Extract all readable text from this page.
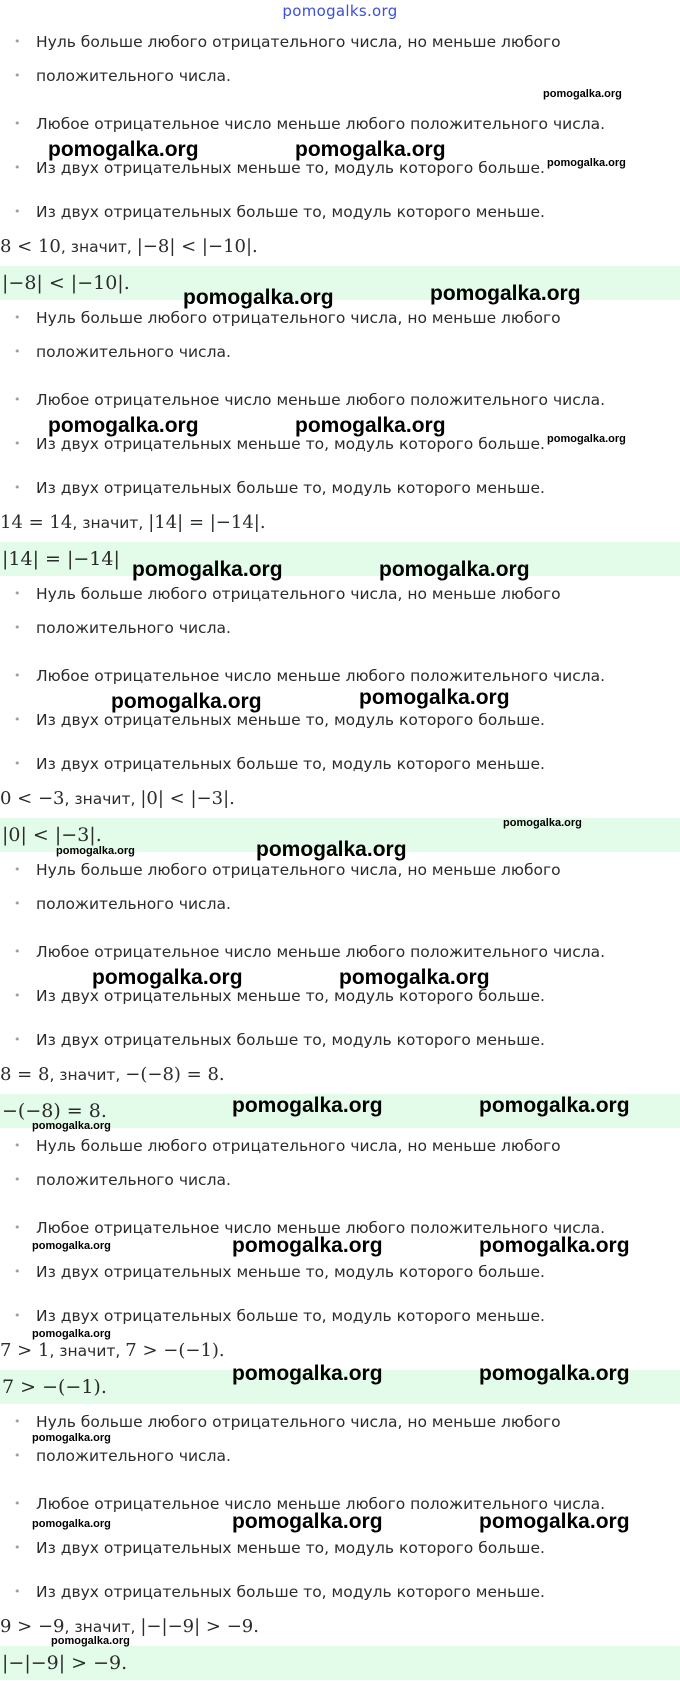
pomogalks.org
Нуль больше любого отрицательного числа, но меньше любого
положительного числа.
Любое отрицательное число меньше любого положительного числа.
Из двух отрицательных меньше то, модуль которого больше.
Из двух отрицательных больше то, модуль которого меньше.
8 < 10, значит, |−8| < |−10|.
|−8| < |−10|.
Нуль больше любого отрицательного числа, но меньше любого
положительного числа.
Любое отрицательное число меньше любого положительного числа.
Из двух отрицательных меньше то, модуль которого больше.
Из двух отрицательных больше то, модуль которого меньше.
14 = 14, значит, |14| = |−14|.
|14| = |−14|
Нуль больше любого отрицательного числа, но меньше любого
положительного числа.
Любое отрицательное число меньше любого положительного числа.
Из двух отрицательных меньше то, модуль которого больше.
Из двух отрицательных больше то, модуль которого меньше.
0 < −3, значит, |0| < |−3|.
|0| < |−3|.
Нуль больше любого отрицательного числа, но меньше любого
положительного числа.
Любое отрицательное число меньше любого положительного числа.
Из двух отрицательных меньше то, модуль которого больше.
Из двух отрицательных больше то, модуль которого меньше.
8 = 8, значит, −(−8) = 8.
−(−8) = 8.
Нуль больше любого отрицательного числа, но меньше любого
положительного числа.
Любое отрицательное число меньше любого положительного числа.
Из двух отрицательных меньше то, модуль которого больше.
Из двух отрицательных больше то, модуль которого меньше.
7 > 1, значит, 7 > −(−1).
7 > −(−1).
Нуль больше любого отрицательного числа, но меньше любого
положительного числа.
Любое отрицательное число меньше любого положительного числа.
Из двух отрицательных меньше то, модуль которого больше.
Из двух отрицательных больше то, модуль которого меньше.
9 > −9, значит, |−|−9| > −9.
|−|−9| > −9.
pomogalka.org
pomogalka.org	pomogalka.org
pomogalka.org
pomogalka.org	pomogalka.org
pomogalka.org	pomogalka.org
pomogalka.org
pomogalka.org	pomogalka.org
pomogalka.org	pomogalka.org
pomogalka.org
pomogalka.org	pomogalka.org
pomogalka.org	pomogalka.org
pomogalka.org	pomogalka.org
pomogalka.org
pomogalka.org	pomogalka.org	pomogalka.org
pomogalka.org
pomogalka.org	pomogalka.org
pomogalka.org
pomogalka.org	pomogalka.org	pomogalka.org
pomogalka.org
